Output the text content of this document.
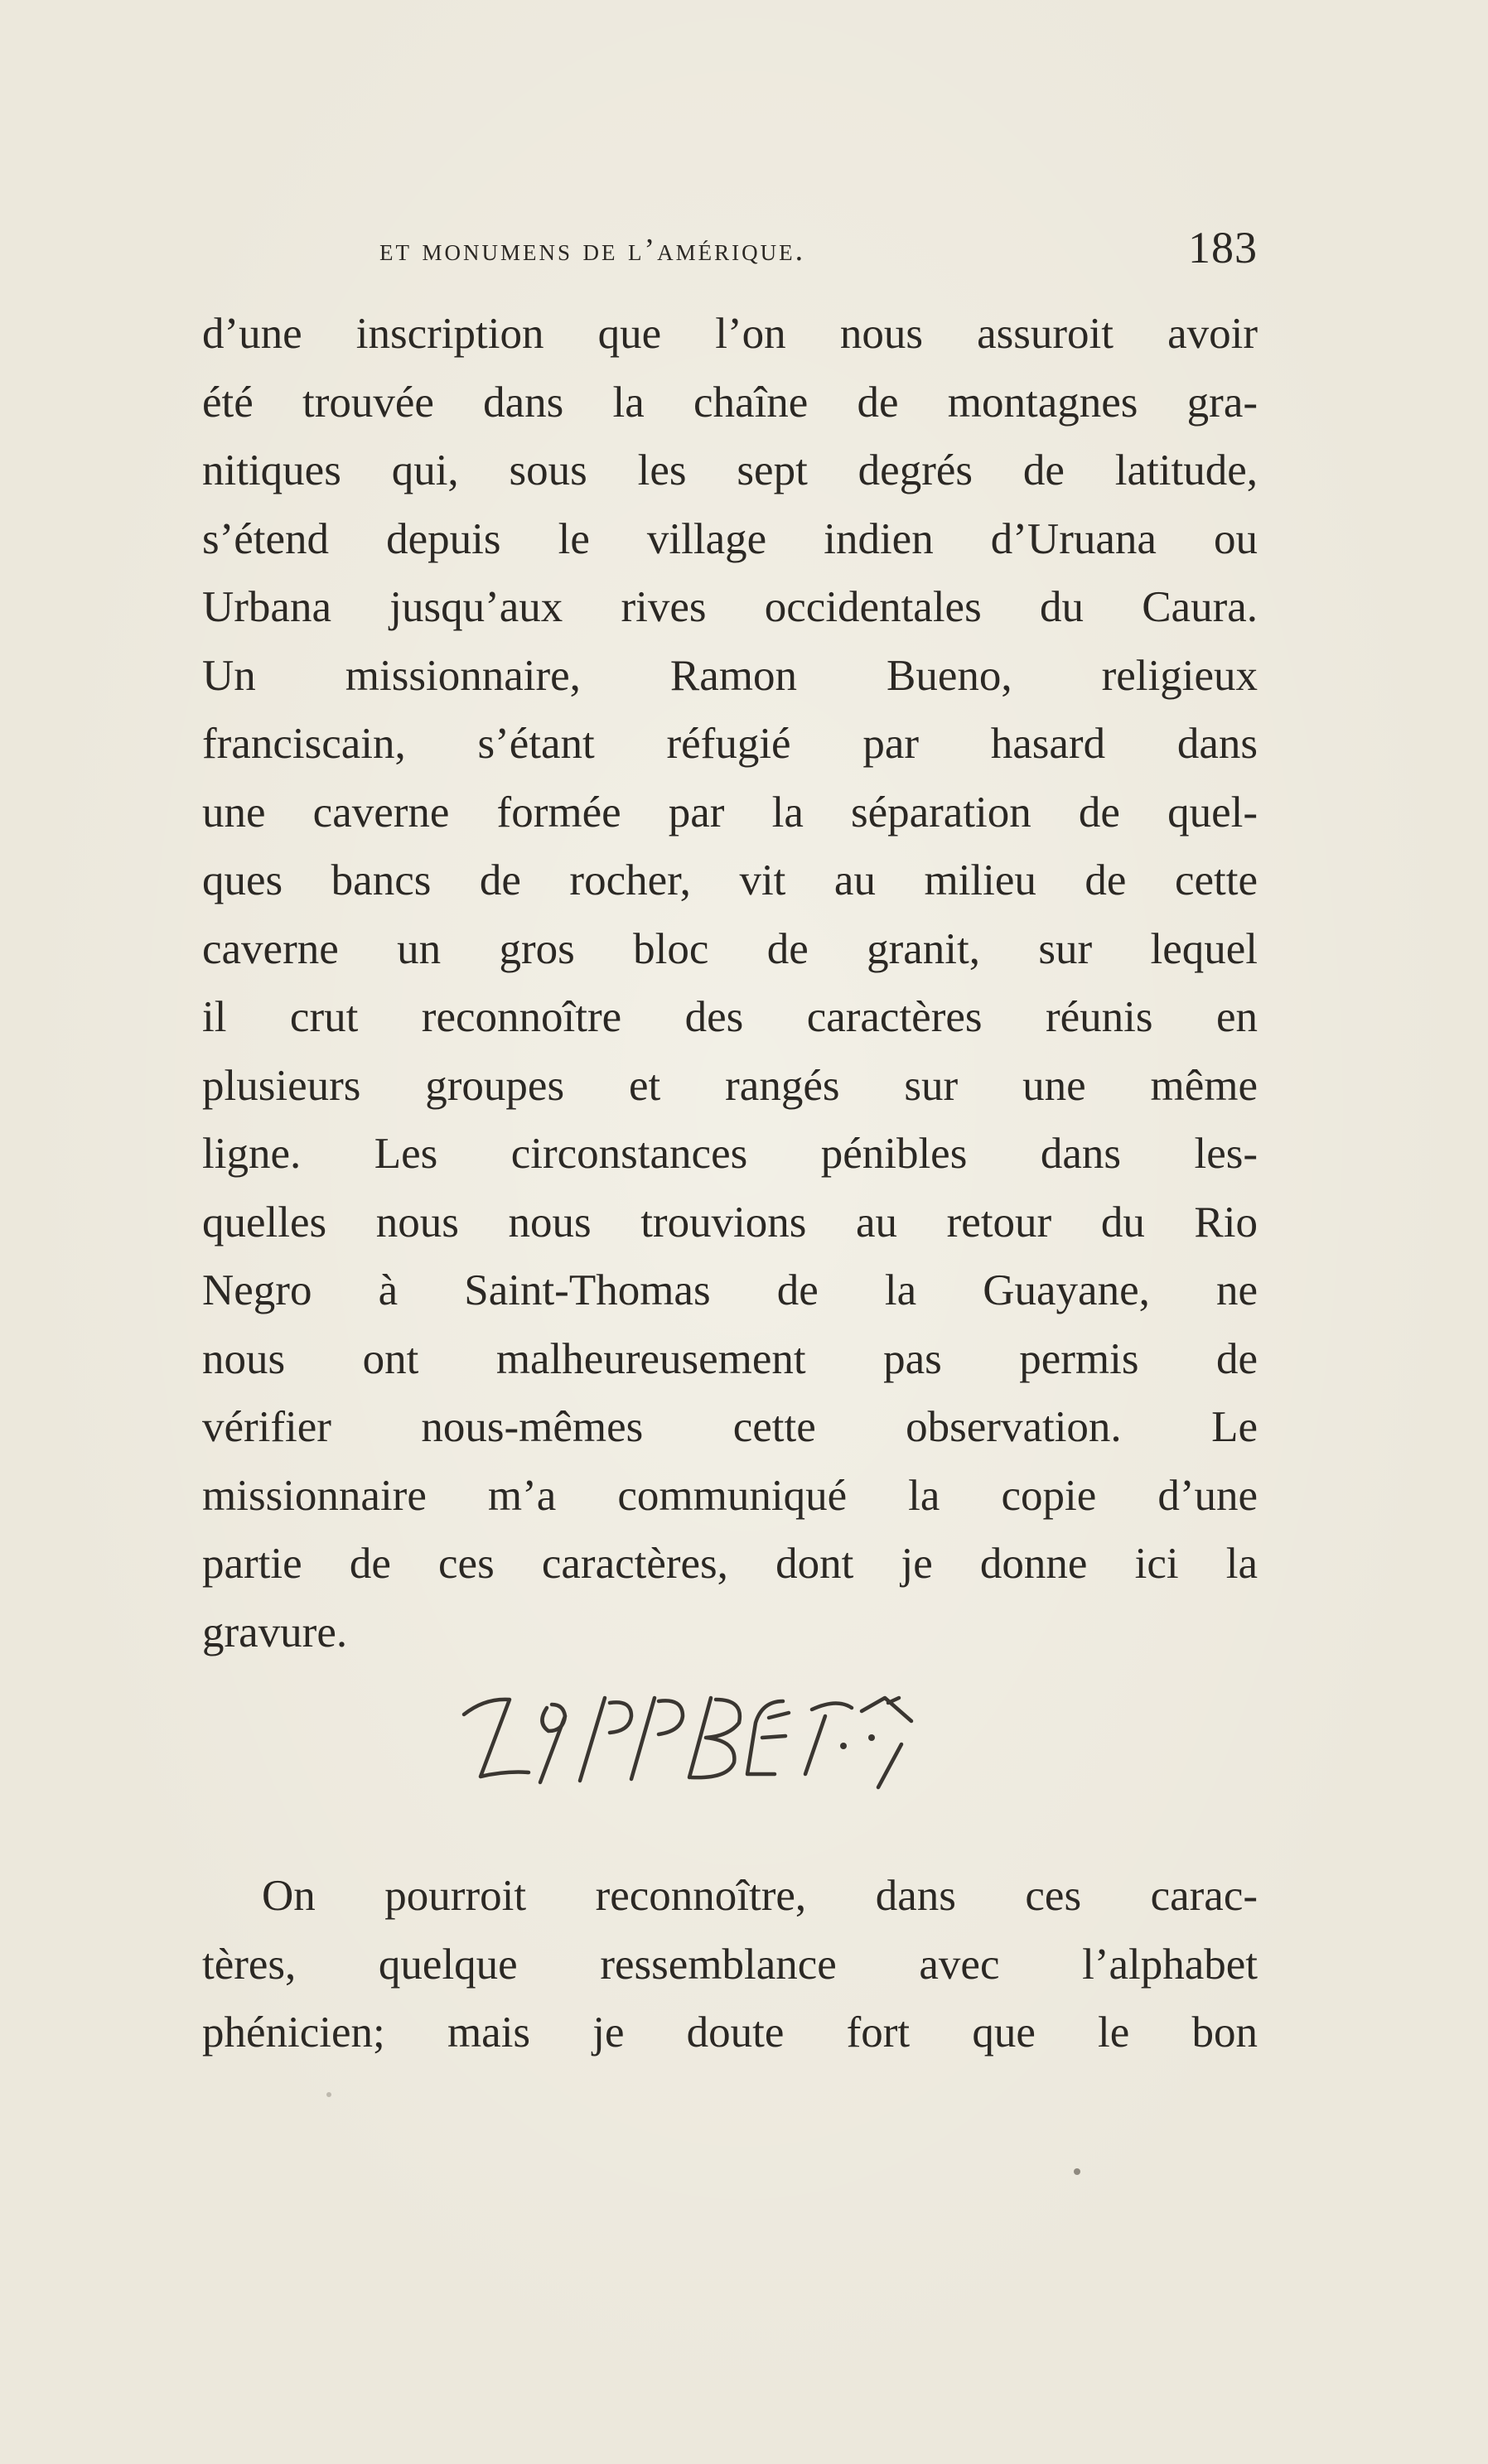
et monumens de l’amérique.	183
d’une inscription que l’on nous assuroit avoir
été trouvée dans la chaîne de montagnes gra-
nitiques qui, sous les sept degrés de latitude,
s’étend depuis le village indien d’Uruana ou
Urbana jusqu’aux rives occidentales du Caura.
Un missionnaire, Ramon Bueno, religieux
franciscain, s’étant réfugié par hasard dans
une caverne formée par la séparation de quel-
ques bancs de rocher, vit au milieu de cette
caverne un gros bloc de granit, sur lequel
il crut reconnoître des caractères réunis en
plusieurs groupes et rangés sur une même
ligne. Les circonstances pénibles dans les-
quelles nous nous trouvions au retour du Rio
Negro à Saint-Thomas de la Guayane, ne
nous ont malheureusement pas permis de
vérifier nous-mêmes cette observation. Le
missionnaire m’a communiqué la copie d’une
partie de ces caractères, dont je donne ici la
gravure.
On pourroit reconnoître, dans ces carac-
tères, quelque ressemblance avec l’alphabet
phénicien; mais je doute fort que le bon
